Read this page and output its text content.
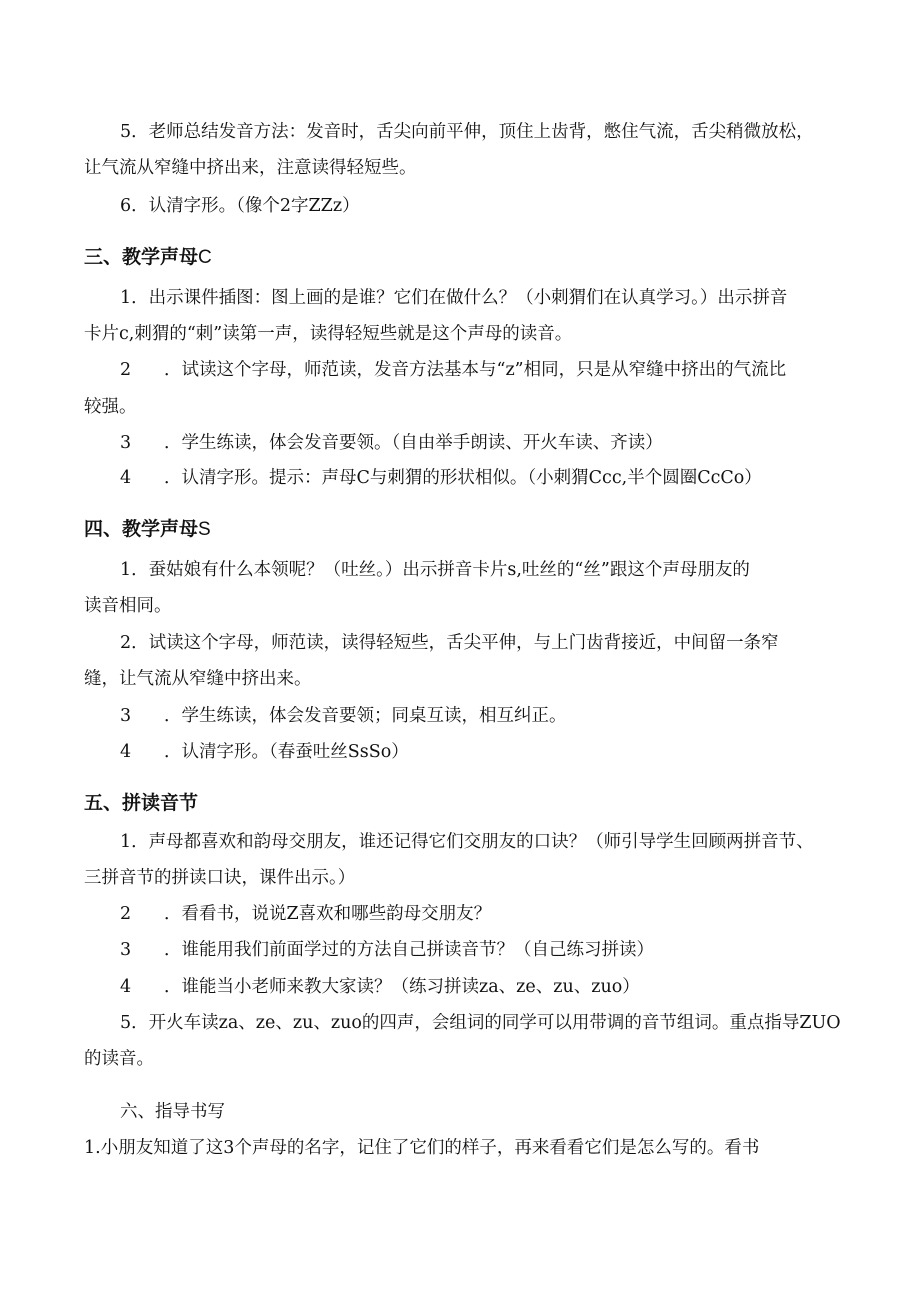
5．老师总结发音方法：发音时，舌尖向前平伸，顶住上齿背，憋住气流，舌尖稍微放松，
让气流从窄缝中挤出来，注意读得轻短些。
6．认清字形。（像个2字ZZz）
三、教学声母C
1．出示课件插图：图上画的是谁？它们在做什么？（小刺猬们在认真学习。）出示拼音
卡片c,刺猬的“刺”读第一声，读得轻短些就是这个声母的读音。
2 ．试读这个字母，师范读，发音方法基本与“z”相同，只是从窄缝中挤出的气流比
较强。
3 ．学生练读，体会发音要领。（自由举手朗读、开火车读、齐读）
4 ．认清字形。提示：声母C与刺猬的形状相似。（小刺猬Ccc,半个圆圈CcCo）
四、教学声母S
1．蚕姑娘有什么本领呢？（吐丝。）出示拼音卡片s,吐丝的“丝”跟这个声母朋友的
读音相同。
2．试读这个字母，师范读，读得轻短些，舌尖平伸，与上门齿背接近，中间留一条窄
缝，让气流从窄缝中挤出来。
3 ．学生练读，体会发音要领；同桌互读，相互纠正。
4 ．认清字形。（春蚕吐丝SsSo）
五、拼读音节
1．声母都喜欢和韵母交朋友，谁还记得它们交朋友的口诀？（师引导学生回顾两拼音节、
三拼音节的拼读口诀，课件出示。）
2 ．看看书，说说Z喜欢和哪些韵母交朋友？
3 ．谁能用我们前面学过的方法自己拼读音节？（自己练习拼读）
4 ．谁能当小老师来教大家读？（练习拼读za、ze、zu、zuo）
5．开火车读za、ze、zu、zuo的四声，会组词的同学可以用带调的音节组词。重点指导ZUO
的读音。
六、指导书写
1.小朋友知道了这3个声母的名字，记住了它们的样子，再来看看它们是怎么写的。看书
